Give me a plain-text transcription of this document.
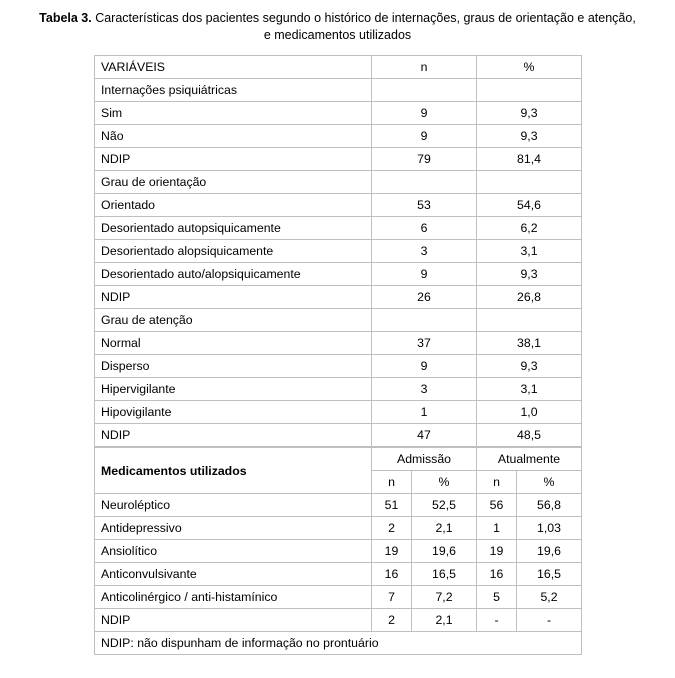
Tabela 3. Características dos pacientes segundo o histórico de internações, graus de orientação e atenção, e medicamentos utilizados
VARIÁVEIS	n	%
Internações psiquiátricas		
Sim	9	9,3
Não	9	9,3
NDIP	79	81,4
Grau de orientação		
Orientado	53	54,6
Desorientado autopsiquicamente	6	6,2
Desorientado alopsiquicamente	3	3,1
Desorientado auto/alopsiquicamente	9	9,3
NDIP	26	26,8
Grau de atenção		
Normal	37	38,1
Disperso	9	9,3
Hipervigilante	3	3,1
Hipovigilante	1	1,0
NDIP	47	48,5
Medicamentos utilizados	Admissão		Atualmente	
	n	%	n	%
Neuroléptico	51	52,5	56	56,8
Antidepressivo	2	2,1	1	1,03
Ansiolítico	19	19,6	19	19,6
Anticonvulsivante	16	16,5	16	16,5
Anticolinérgico / anti-histamínico	7	7,2	5	5,2
NDIP	2	2,1	-	-
NDIP: não dispunham de informação no prontuário				
